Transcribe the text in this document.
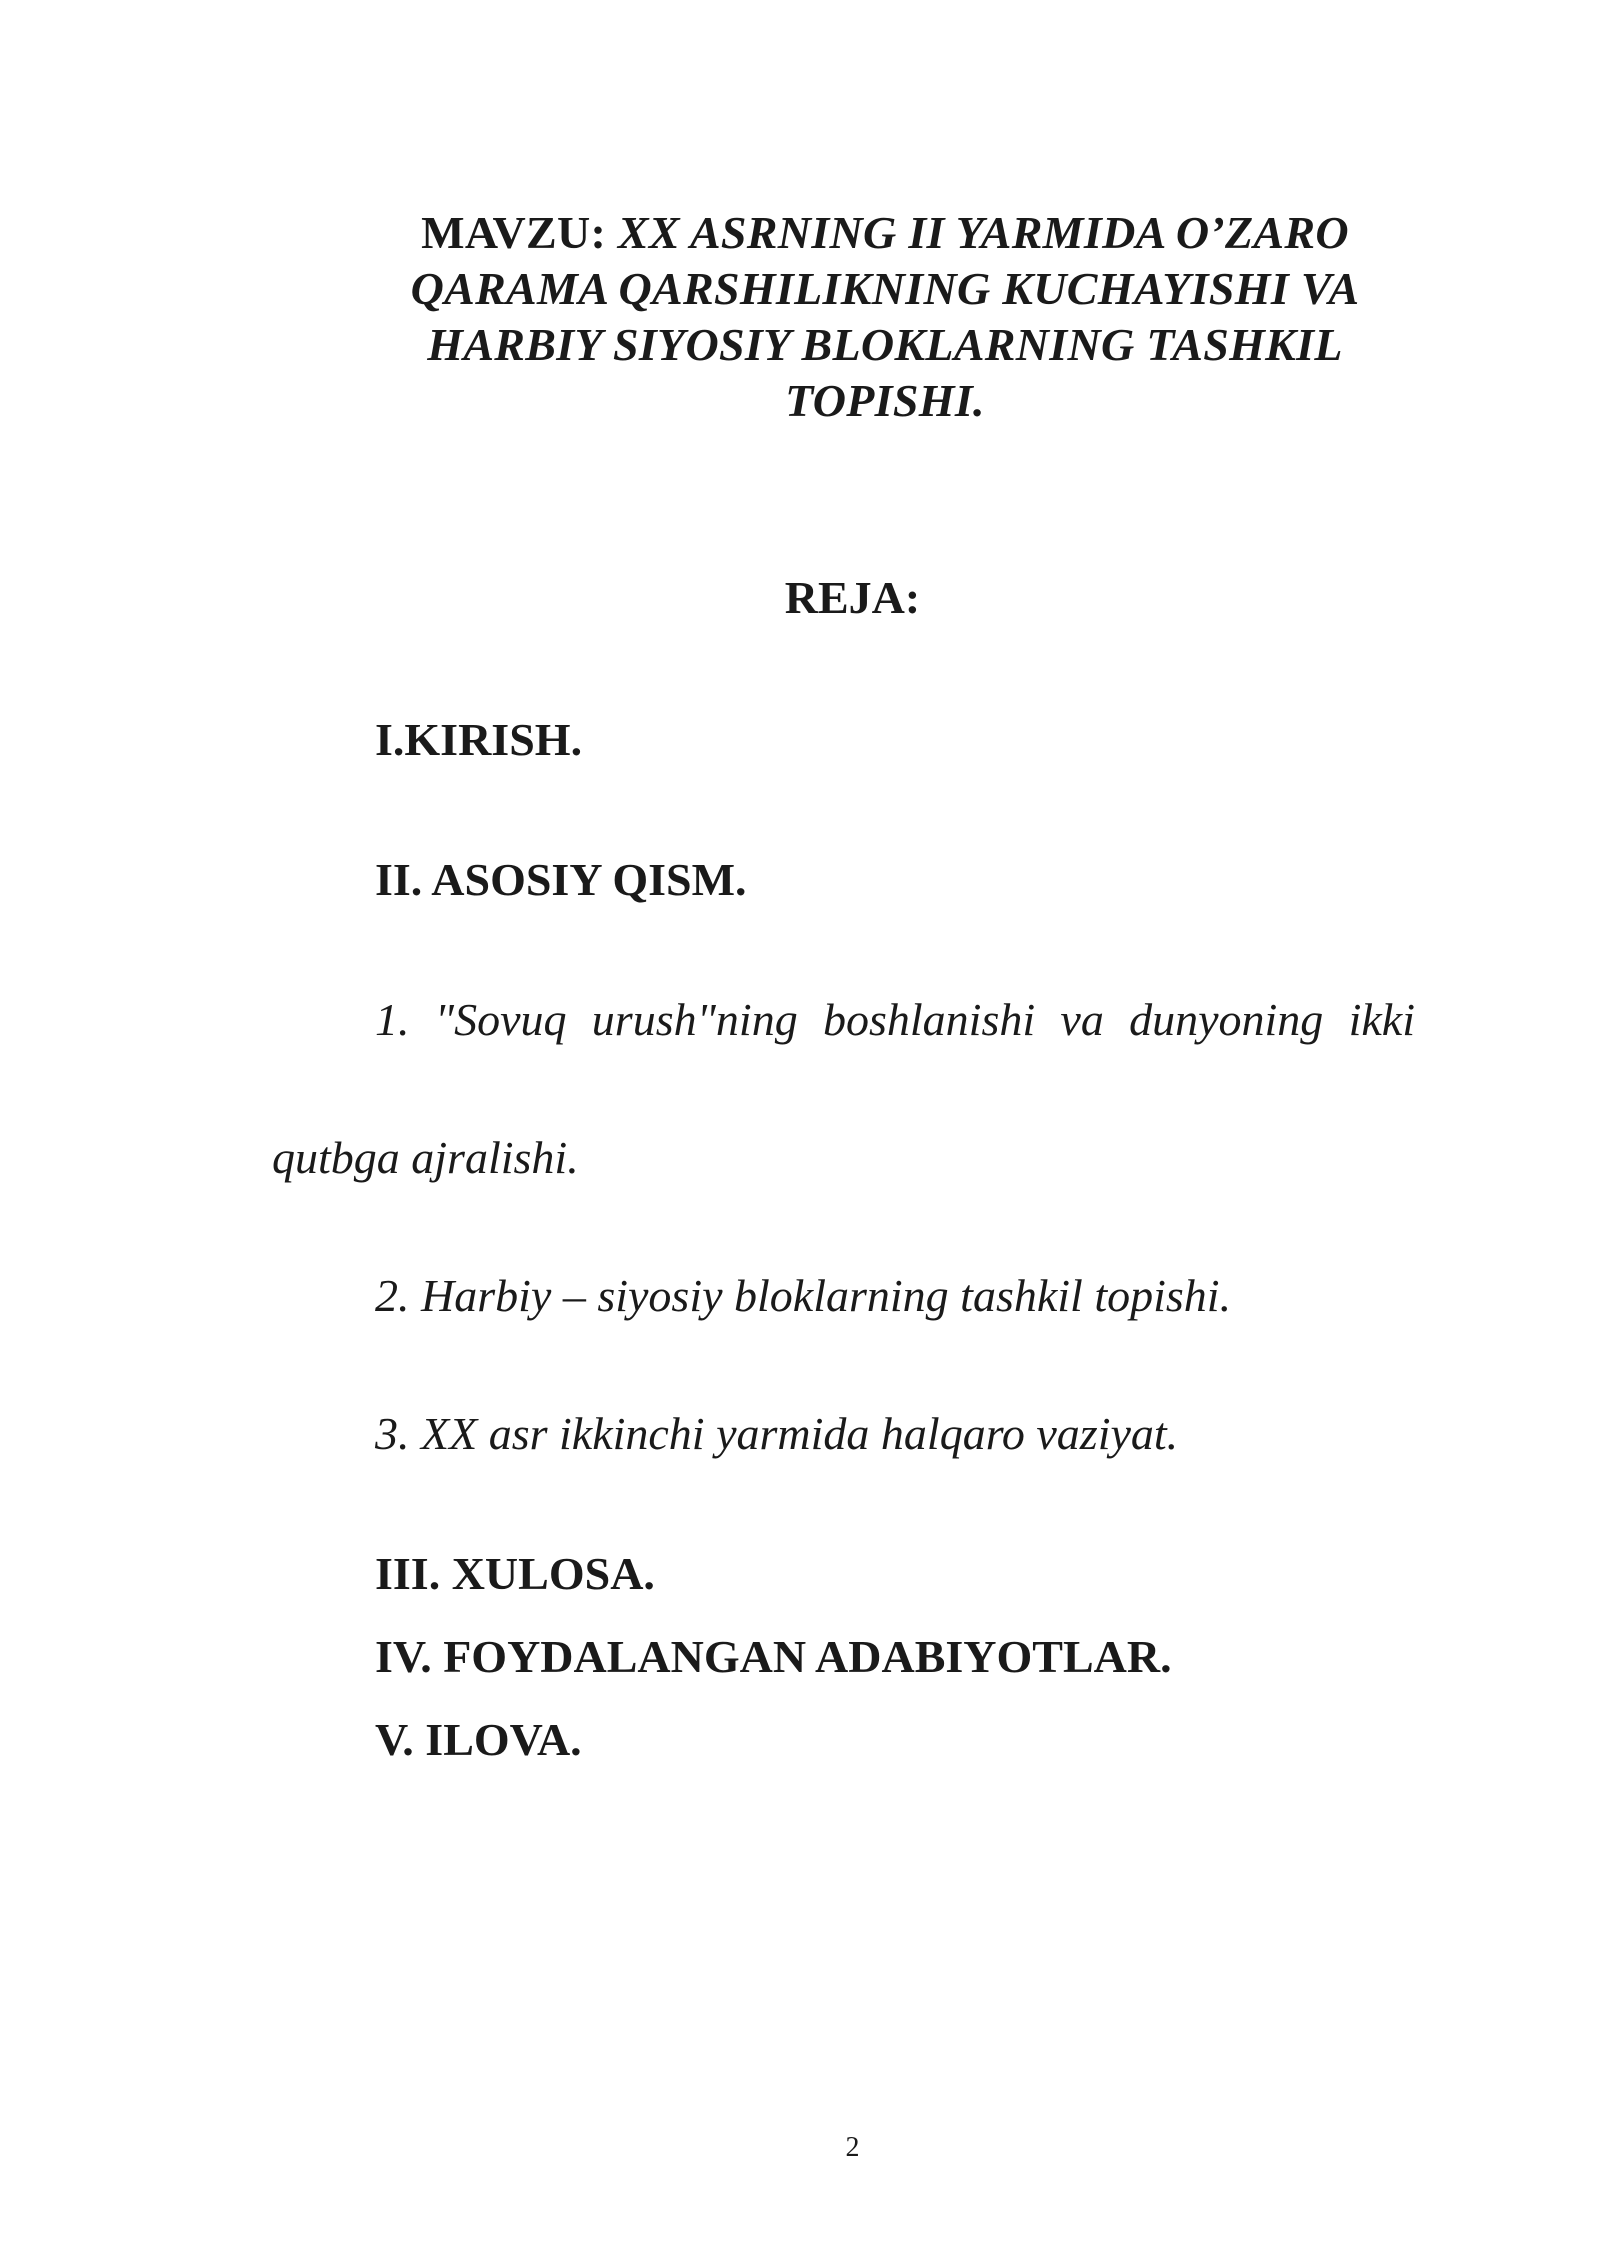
MAVZU: XX ASRNING II YARMIDA O’ZARO QARAMA QARSHILIKNING KUCHAYISHI VA HARBIY SIYOSIY BLOKLARNING TASHKIL TOPISHI.
REJA:
I.KIRISH.
II. ASOSIY QISM.
1. "Sovuq urush"ning boshlanishi va dunyoning ikki
qutbga ajralishi.
2. Harbiy – siyosiy bloklarning tashkil topishi.
3. XX asr ikkinchi yarmida halqaro vaziyat.
III. XULOSA.
IV. FOYDALANGAN ADABIYOTLAR.
V. ILOVA.
2
